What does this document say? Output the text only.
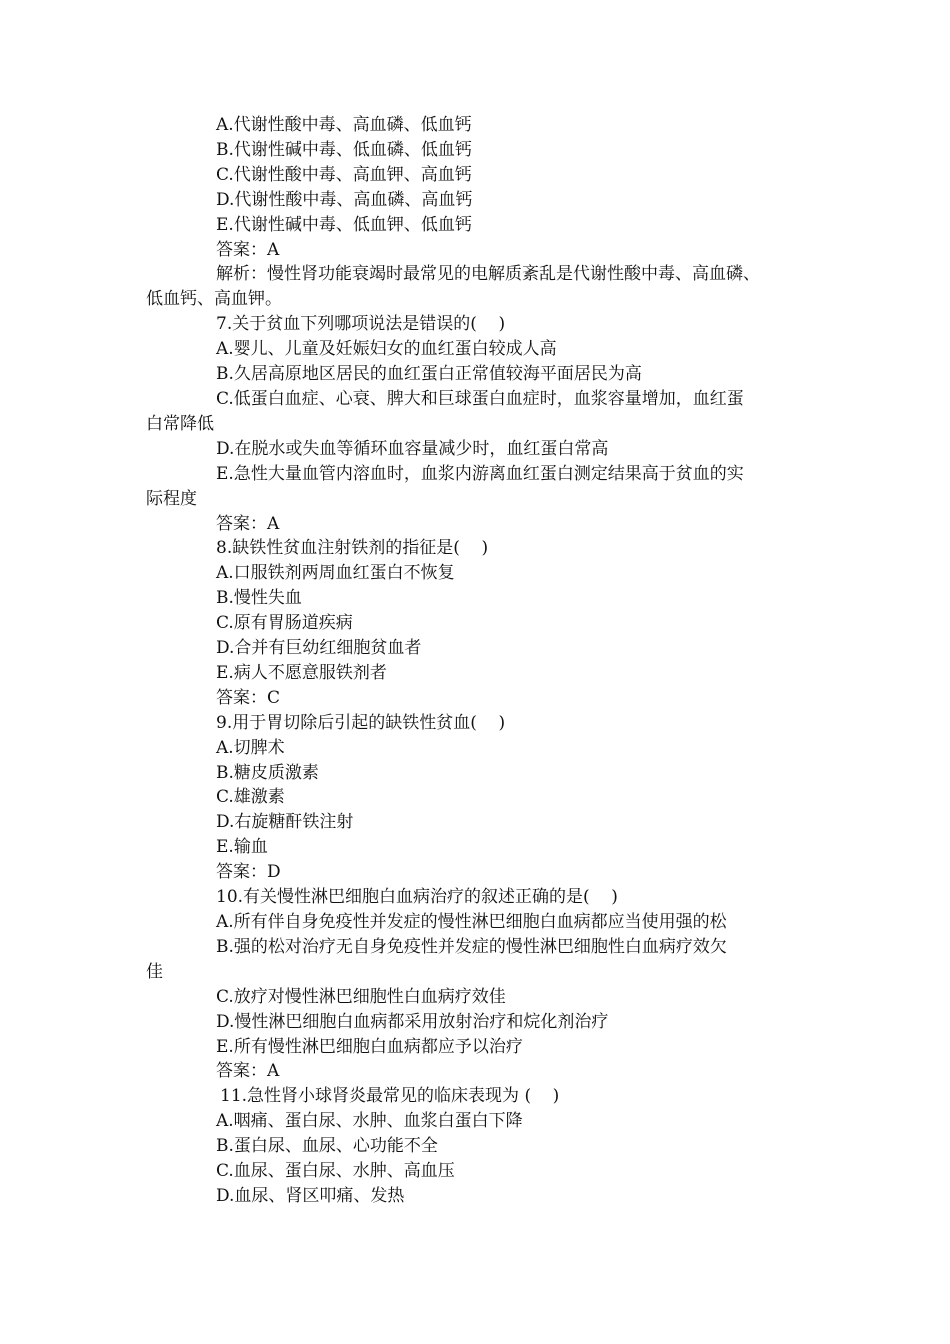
A.代谢性酸中毒、高血磷、低血钙

B.代谢性碱中毒、低血磷、低血钙

C.代谢性酸中毒、高血钾、高血钙

D.代谢性酸中毒、高血磷、高血钙

E.代谢性碱中毒、低血钾、低血钙

答案：A

解析：慢性肾功能衰竭时最常见的电解质紊乱是代谢性酸中毒、高血磷、

低血钙、高血钾。

7.关于贫血下列哪项说法是错误的(    )

A.婴儿、儿童及妊娠妇女的血红蛋白较成人高

B.久居高原地区居民的血红蛋白正常值较海平面居民为高

C.低蛋白血症、心衰、脾大和巨球蛋白血症时，血浆容量增加，血红蛋

白常降低

D.在脱水或失血等循环血容量减少时，血红蛋白常高

E.急性大量血管内溶血时，血浆内游离血红蛋白测定结果高于贫血的实

际程度

答案：A

8.缺铁性贫血注射铁剂的指征是(    )

A.口服铁剂两周血红蛋白不恢复

B.慢性失血

C.原有胃肠道疾病

D.合并有巨幼红细胞贫血者

E.病人不愿意服铁剂者

答案：C

9.用于胃切除后引起的缺铁性贫血(    )

A.切脾术

B.糖皮质激素

C.雄激素

D.右旋糖酐铁注射

E.输血

答案：D

10.有关慢性淋巴细胞白血病治疗的叙述正确的是(    )

A.所有伴自身免疫性并发症的慢性淋巴细胞白血病都应当使用强的松

B.强的松对治疗无自身免疫性并发症的慢性淋巴细胞性白血病疗效欠

佳

C.放疗对慢性淋巴细胞性白血病疗效佳

D.慢性淋巴细胞白血病都采用放射治疗和烷化剂治疗

E.所有慢性淋巴细胞白血病都应予以治疗

答案：A

11.急性肾小球肾炎最常见的临床表现为 (    )

A.咽痛、蛋白尿、水肿、血浆白蛋白下降

B.蛋白尿、血尿、心功能不全

C.血尿、蛋白尿、水肿、高血压

D.血尿、肾区叩痛、发热
